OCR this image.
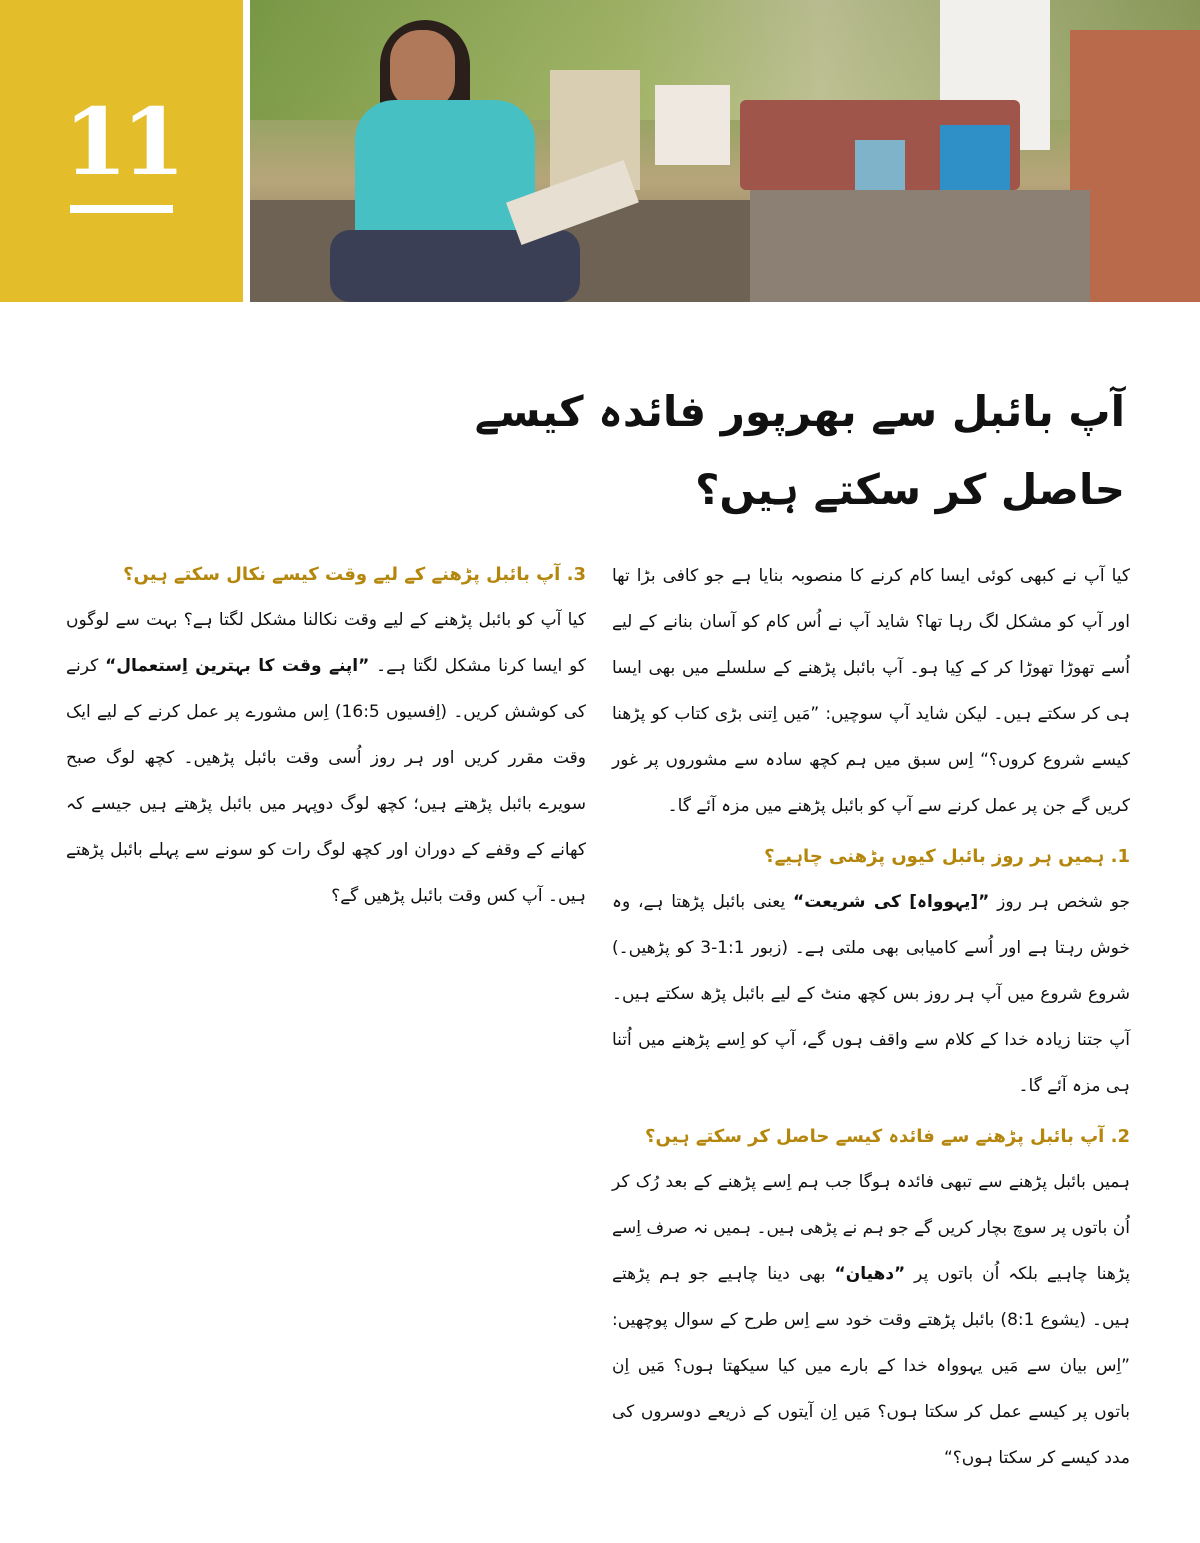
11
آپ بائبل سے بھرپور فائدہ کیسے حاصل کر سکتے ہیں؟

کیا آپ نے کبھی کوئی ایسا کام کرنے کا منصوبہ بنایا ہے جو کافی بڑا تھا اور آپ کو مشکل لگ رہا تھا؟ شاید آپ نے اُس کام کو آسان بنانے کے لیے اُسے تھوڑا تھوڑا کر کے کِیا ہو۔ آپ بائبل پڑھنے کے سلسلے میں بھی ایسا ہی کر سکتے ہیں۔ لیکن شاید آپ سوچیں: ”مَیں اِتنی بڑی کتاب کو پڑھنا کیسے شروع کروں؟“ اِس سبق میں ہم کچھ سادہ سے مشوروں پر غور کریں گے جن پر عمل کرنے سے آپ کو بائبل پڑھنے میں مزہ آئے گا۔

1. ہمیں ہر روز بائبل کیوں پڑھنی چاہیے؟

جو شخص ہر روز ”[‏یہوواہ]‏ کی شریعت“ یعنی بائبل پڑھتا ہے، وہ خوش رہتا ہے اور اُسے کامیابی بھی ملتی ہے۔ (‏زبور 1:‏1-‏3 کو پڑھیں۔)‏ شروع شروع میں آپ ہر روز بس کچھ منٹ کے لیے بائبل پڑھ سکتے ہیں۔ آپ جتنا زیادہ خدا کے کلام سے واقف ہوں گے، آپ کو اِسے پڑھنے میں اُتنا ہی مزہ آئے گا۔

2. آپ بائبل پڑھنے سے فائدہ کیسے حاصل کر سکتے ہیں؟

ہمیں بائبل پڑھنے سے تبھی فائدہ ہوگا جب ہم اِسے پڑھنے کے بعد رُک کر اُن باتوں پر سوچ بچار کریں گے جو ہم نے پڑھی ہیں۔ ہمیں نہ صرف اِسے پڑھنا چاہیے بلکہ اُن باتوں پر ”دھیان“ بھی دینا چاہیے جو ہم پڑھتے ہیں۔ (‏یشوع 1:‏8)‏ بائبل پڑھتے وقت خود سے اِس طرح کے سوال پوچھیں: ”اِس بیان سے مَیں یہوواہ خدا کے بارے میں کیا سیکھتا ہوں؟ مَیں اِن باتوں پر کیسے عمل کر سکتا ہوں؟ مَیں اِن آیتوں کے ذریعے دوسروں کی مدد کیسے کر سکتا ہوں؟“

3. آپ بائبل پڑھنے کے لیے وقت کیسے نکال سکتے ہیں؟

کیا آپ کو بائبل پڑھنے کے لیے وقت نکالنا مشکل لگتا ہے؟ بہت سے لوگوں کو ایسا کرنا مشکل لگتا ہے۔ ”اپنے وقت کا بہترین اِستعمال“ کرنے کی کوشش کریں۔ (‏اِفسیوں 5:‏16)‏ اِس مشورے پر عمل کرنے کے لیے ایک وقت مقرر کریں اور ہر روز اُسی وقت بائبل پڑھیں۔ کچھ لوگ صبح سویرے بائبل پڑھتے ہیں؛ کچھ لوگ دوپہر میں بائبل پڑھتے ہیں جیسے کہ کھانے کے وقفے کے دوران اور کچھ لوگ رات کو سونے سے پہلے بائبل پڑھتے ہیں۔ آپ کس وقت بائبل پڑھیں گے؟
